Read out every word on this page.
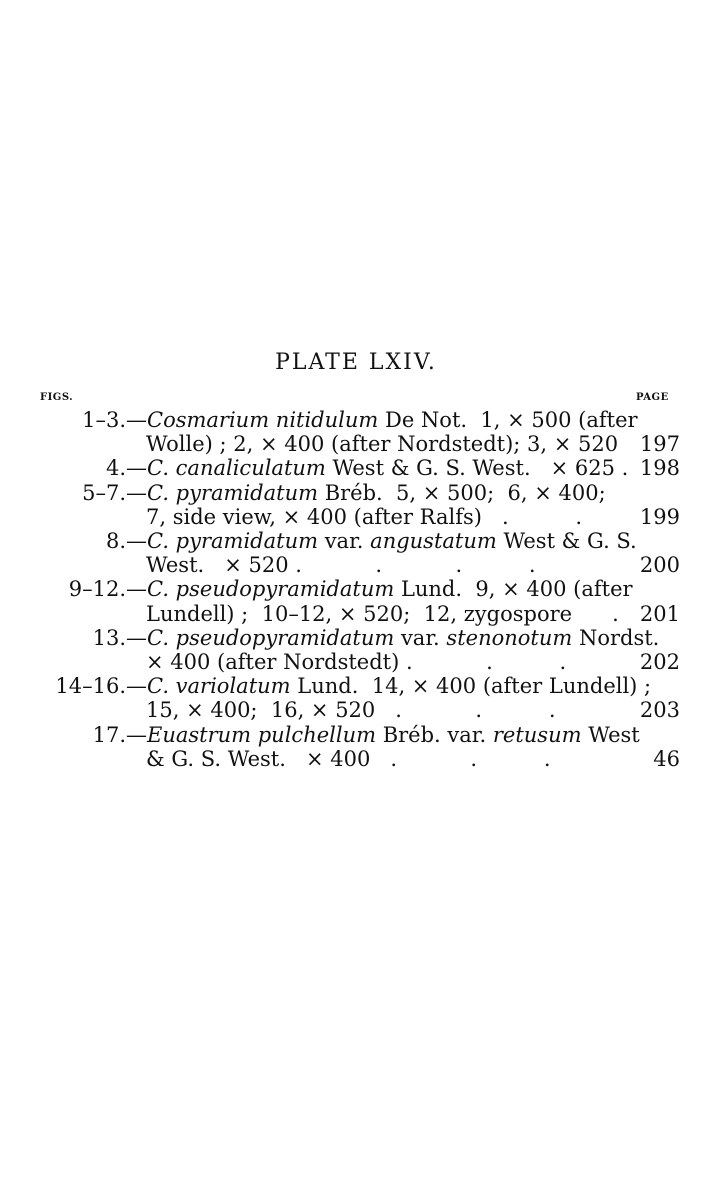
PLATE LXIV.
FIGS.	PAGE
1–3. —Cosmarium nitidulum De Not.  1, × 500 (after
Wolle) ; 2, × 400 (after Nordstedt); 3, × 520	197
4. —C. canaliculatum West & G. S. West.   × 625 . 198
5–7. —C. pyramidatum Bréb.  5, × 500;  6, × 400;
7, side view, × 400 (after Ralfs)   .          .	199
8. —C. pyramidatum var. angustatum West & G. S.
West.   × 520 .           .           .          .	200
9–12. —C. pseudopyramidatum Lund.  9, × 400 (after
Lundell) ;  10–12, × 520;  12, zygospore      .	201
13. —C. pseudopyramidatum var. stenonotum Nordst.
× 400 (after Nordstedt) .           .          .	202
14–16. —C. variolatum Lund.  14, × 400 (after Lundell) ;
15, × 400;  16, × 520   .           .          .	203
17. —Euastrum pulchellum Bréb. var. retusum West
& G. S. West.   × 400   .           .          .	46
